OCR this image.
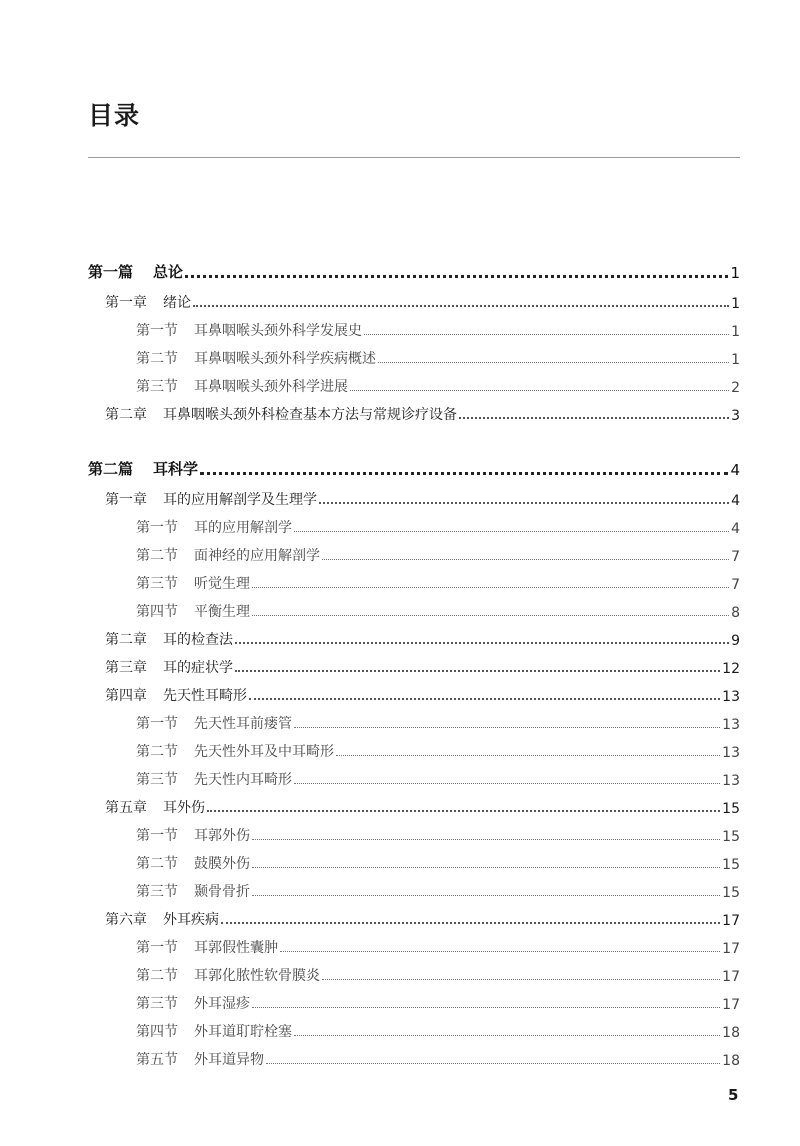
目录
第一篇 总论	1
第一章 绪论	1
第一节 耳鼻咽喉头颈外科学发展史	1
第二节 耳鼻咽喉头颈外科学疾病概述	1
第三节 耳鼻咽喉头颈外科学进展	2
第二章 耳鼻咽喉头颈外科检查基本方法与常规诊疗设备	3
第二篇 耳科学	4
第一章 耳的应用解剖学及生理学	4
第一节 耳的应用解剖学	4
第二节 面神经的应用解剖学	7
第三节 听觉生理	7
第四节 平衡生理	8
第二章 耳的检查法	9
第三章 耳的症状学	12
第四章 先天性耳畸形	13
第一节 先天性耳前瘘管	13
第二节 先天性外耳及中耳畸形	13
第三节 先天性内耳畸形	13
第五章 耳外伤	15
第一节 耳郭外伤	15
第二节 鼓膜外伤	15
第三节 颞骨骨折	15
第六章 外耳疾病	17
第一节 耳郭假性囊肿	17
第二节 耳郭化脓性软骨膜炎	17
第三节 外耳湿疹	17
第四节 外耳道耵聍栓塞	18
第五节 外耳道异物	18
5
